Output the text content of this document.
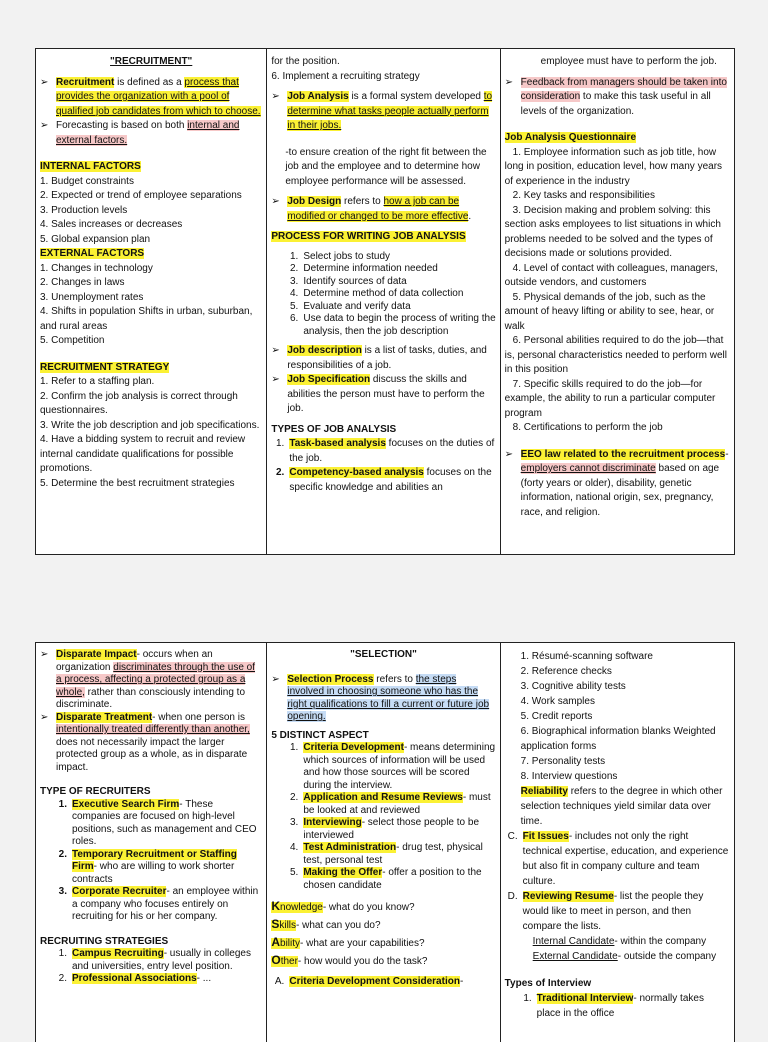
"RECRUITMENT"
➢ Recruitment is defined as a process that provides the organization with a pool of qualified job candidates from which to choose.
➢ Forecasting is based on both internal and external factors.
INTERNAL FACTORS
1. Budget constraints
2. Expected or trend of employee separations
3. Production levels
4. Sales increases or decreases
5. Global expansion plan
EXTERNAL FACTORS
1. Changes in technology
2. Changes in laws
3. Unemployment rates
4. Shifts in population Shifts in urban, suburban, and rural areas
5. Competition
RECRUITMENT STRATEGY
1. Refer to a staffing plan.
2. Confirm the job analysis is correct through questionnaires.
3. Write the job description and job specifications.
4. Have a bidding system to recruit and review internal candidate qualifications for possible promotions.
5. Determine the best recruitment strategies
for the position.
6. Implement a recruiting strategy
➢ Job Analysis is a formal system developed to determine what tasks people actually perform in their jobs.
-to ensure creation of the right fit between the job and the employee and to determine how employee performance will be assessed.
➢ Job Design refers to how a job can be modified or changed to be more effective.
PROCESS FOR WRITING JOB ANALYSIS
1. Select jobs to study
2. Determine information needed
3. Identify sources of data
4. Determine method of data collection
5. Evaluate and verify data
6. Use data to begin the process of writing the analysis, then the job description
➢ Job description is a list of tasks, duties, and responsibilities of a job.
➢ Job Specification discuss the skills and abilities the person must have to perform the job.
TYPES OF JOB ANALYSIS
1. Task-based analysis focuses on the duties of the job.
2. Competency-based analysis focuses on the specific knowledge and abilities an
employee must have to perform the job.
➢ Feedback from managers should be taken into consideration to make this task useful in all levels of the organization.
Job Analysis Questionnaire
1. Employee information such as job title, how long in position, education level, how many years of experience in the industry
2. Key tasks and responsibilities
3. Decision making and problem solving: this section asks employees to list situations in which problems needed to be solved and the types of decisions made or solutions provided.
4. Level of contact with colleagues, managers, outside vendors, and customers
5. Physical demands of the job, such as the amount of heavy lifting or ability to see, hear, or walk
6. Personal abilities required to do the job—that is, personal characteristics needed to perform well in this position
7. Specific skills required to do the job—for example, the ability to run a particular computer program
8. Certifications to perform the job
➢ EEO law related to the recruitment process- employers cannot discriminate based on age (forty years or older), disability, genetic information, national origin, sex, pregnancy, race, and religion.
➢ Disparate Impact- occurs when an organization discriminates through the use of a process, affecting a protected group as a whole, rather than consciously intending to discriminate.
➢ Disparate Treatment- when one person is intentionally treated differently than another, does not necessarily impact the larger protected group as a whole, as in disparate impact.
TYPE OF RECRUITERS
1. Executive Search Firm- These companies are focused on high-level positions, such as management and CEO roles.
2. Temporary Recruitment or Staffing Firm- who are willing to work shorter contracts
3. Corporate Recruiter- an employee within a company who focuses entirely on recruiting for his or her company.
RECRUITING STRATEGIES
1. Campus Recruiting- usually in colleges and universities, entry level position.
2. Professional Associations- ...
"SELECTION"
➢ Selection Process refers to the steps involved in choosing someone who has the right qualifications to fill a current or future job opening.
5 DISTINCT ASPECT
1. Criteria Development- means determining which sources of information will be used and how those sources will be scored during the interview.
2. Application and Resume Reviews- must be looked at and reviewed
3. Interviewing- select those people to be interviewed
4. Test Administration- drug test, physical test, personal test
5. Making the Offer- offer a position to the chosen candidate
Knowledge- what do you know?
Skills- what can you do?
Ability- what are your capabilities?
Other- how would you do the task?
A. Criteria Development Consideration-
1. Résumé-scanning software
2. Reference checks
3. Cognitive ability tests
4. Work samples
5. Credit reports
6. Biographical information blanks Weighted application forms
7. Personality tests
8. Interview questions
Reliability refers to the degree in which other selection techniques yield similar data over time.
C. Fit Issues- includes not only the right technical expertise, education, and experience but also fit in company culture and team culture.
D. Reviewing Resume- list the people they would like to meet in person, and then compare the lists.
Internal Candidate- within the company
External Candidate- outside the company
Types of Interview
1. Traditional Interview- normally takes place in the office
